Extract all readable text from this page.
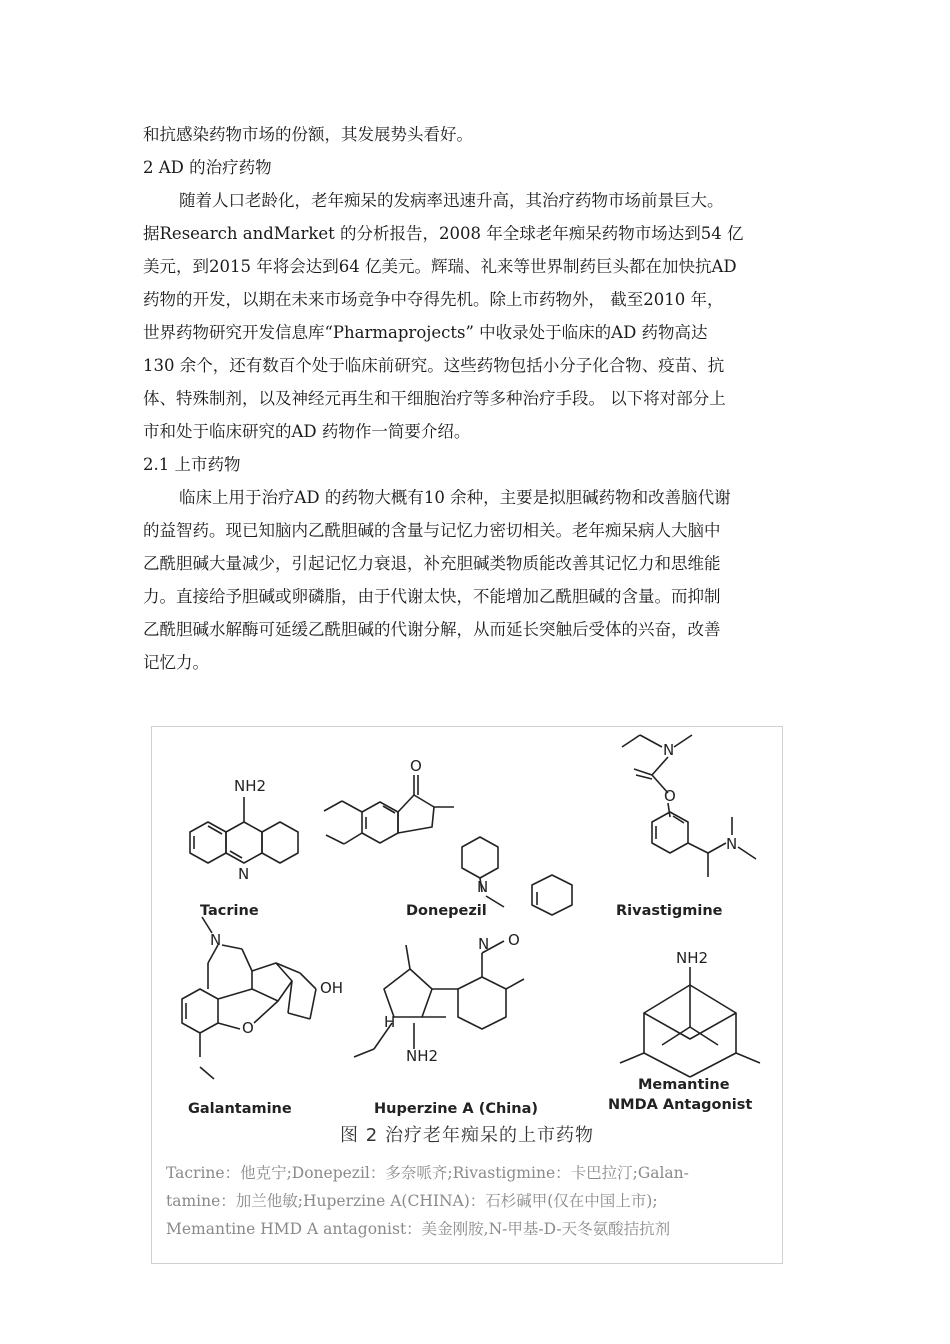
和抗感染药物市场的份额，其发展势头看好。
2 AD 的治疗药物
随着人口老龄化，老年痴呆的发病率迅速升高，其治疗药物市场前景巨大。
据Research andMarket 的分析报告，2008 年全球老年痴呆药物市场达到54 亿
美元，到2015 年将会达到64 亿美元。辉瑞、礼来等世界制药巨头都在加快抗AD
药物的开发，以期在未来市场竞争中夺得先机。除上市药物外， 截至2010 年，
世界药物研究开发信息库“Pharmaprojects” 中收录处于临床的AD 药物高达
130 余个，还有数百个处于临床前研究。这些药物包括小分子化合物、疫苗、抗
体、特殊制剂，以及神经元再生和干细胞治疗等多种治疗手段。 以下将对部分上
市和处于临床研究的AD 药物作一简要介绍。
2.1 上市药物
临床上用于治疗AD 的药物大概有10 余种，主要是拟胆碱药物和改善脑代谢
的益智药。现已知脑内乙酰胆碱的含量与记忆力密切相关。老年痴呆病人大脑中
乙酰胆碱大量减少，引起记忆力衰退，补充胆碱类物质能改善其记忆力和思维能
力。直接给予胆碱或卵磷脂，由于代谢太快，不能增加乙酰胆碱的含量。而抑制
乙酰胆碱水解酶可延缓乙酰胆碱的代谢分解，从而延长突触后受体的兴奋，改善
记忆力。
NH2
N
Tacrine
O
N
Donepezil
N
O
N
Rivastigmine
N
OH
O
Galantamine
N O
H
NH2
Huperzine A (China)
NH2
Memantine
NMDA Antagonist
图 2 治疗老年痴呆的上市药物
Tacrine：他克宁;Donepezil：多奈哌齐;Rivastigmine：卡巴拉汀;Galan-
tamine：加兰他敏;Huperzine A(CHINA)：石杉碱甲(仅在中国上市);
Memantine HMD A antagonist：美金刚胺,N-甲基-D-天冬氨酸拮抗剂
